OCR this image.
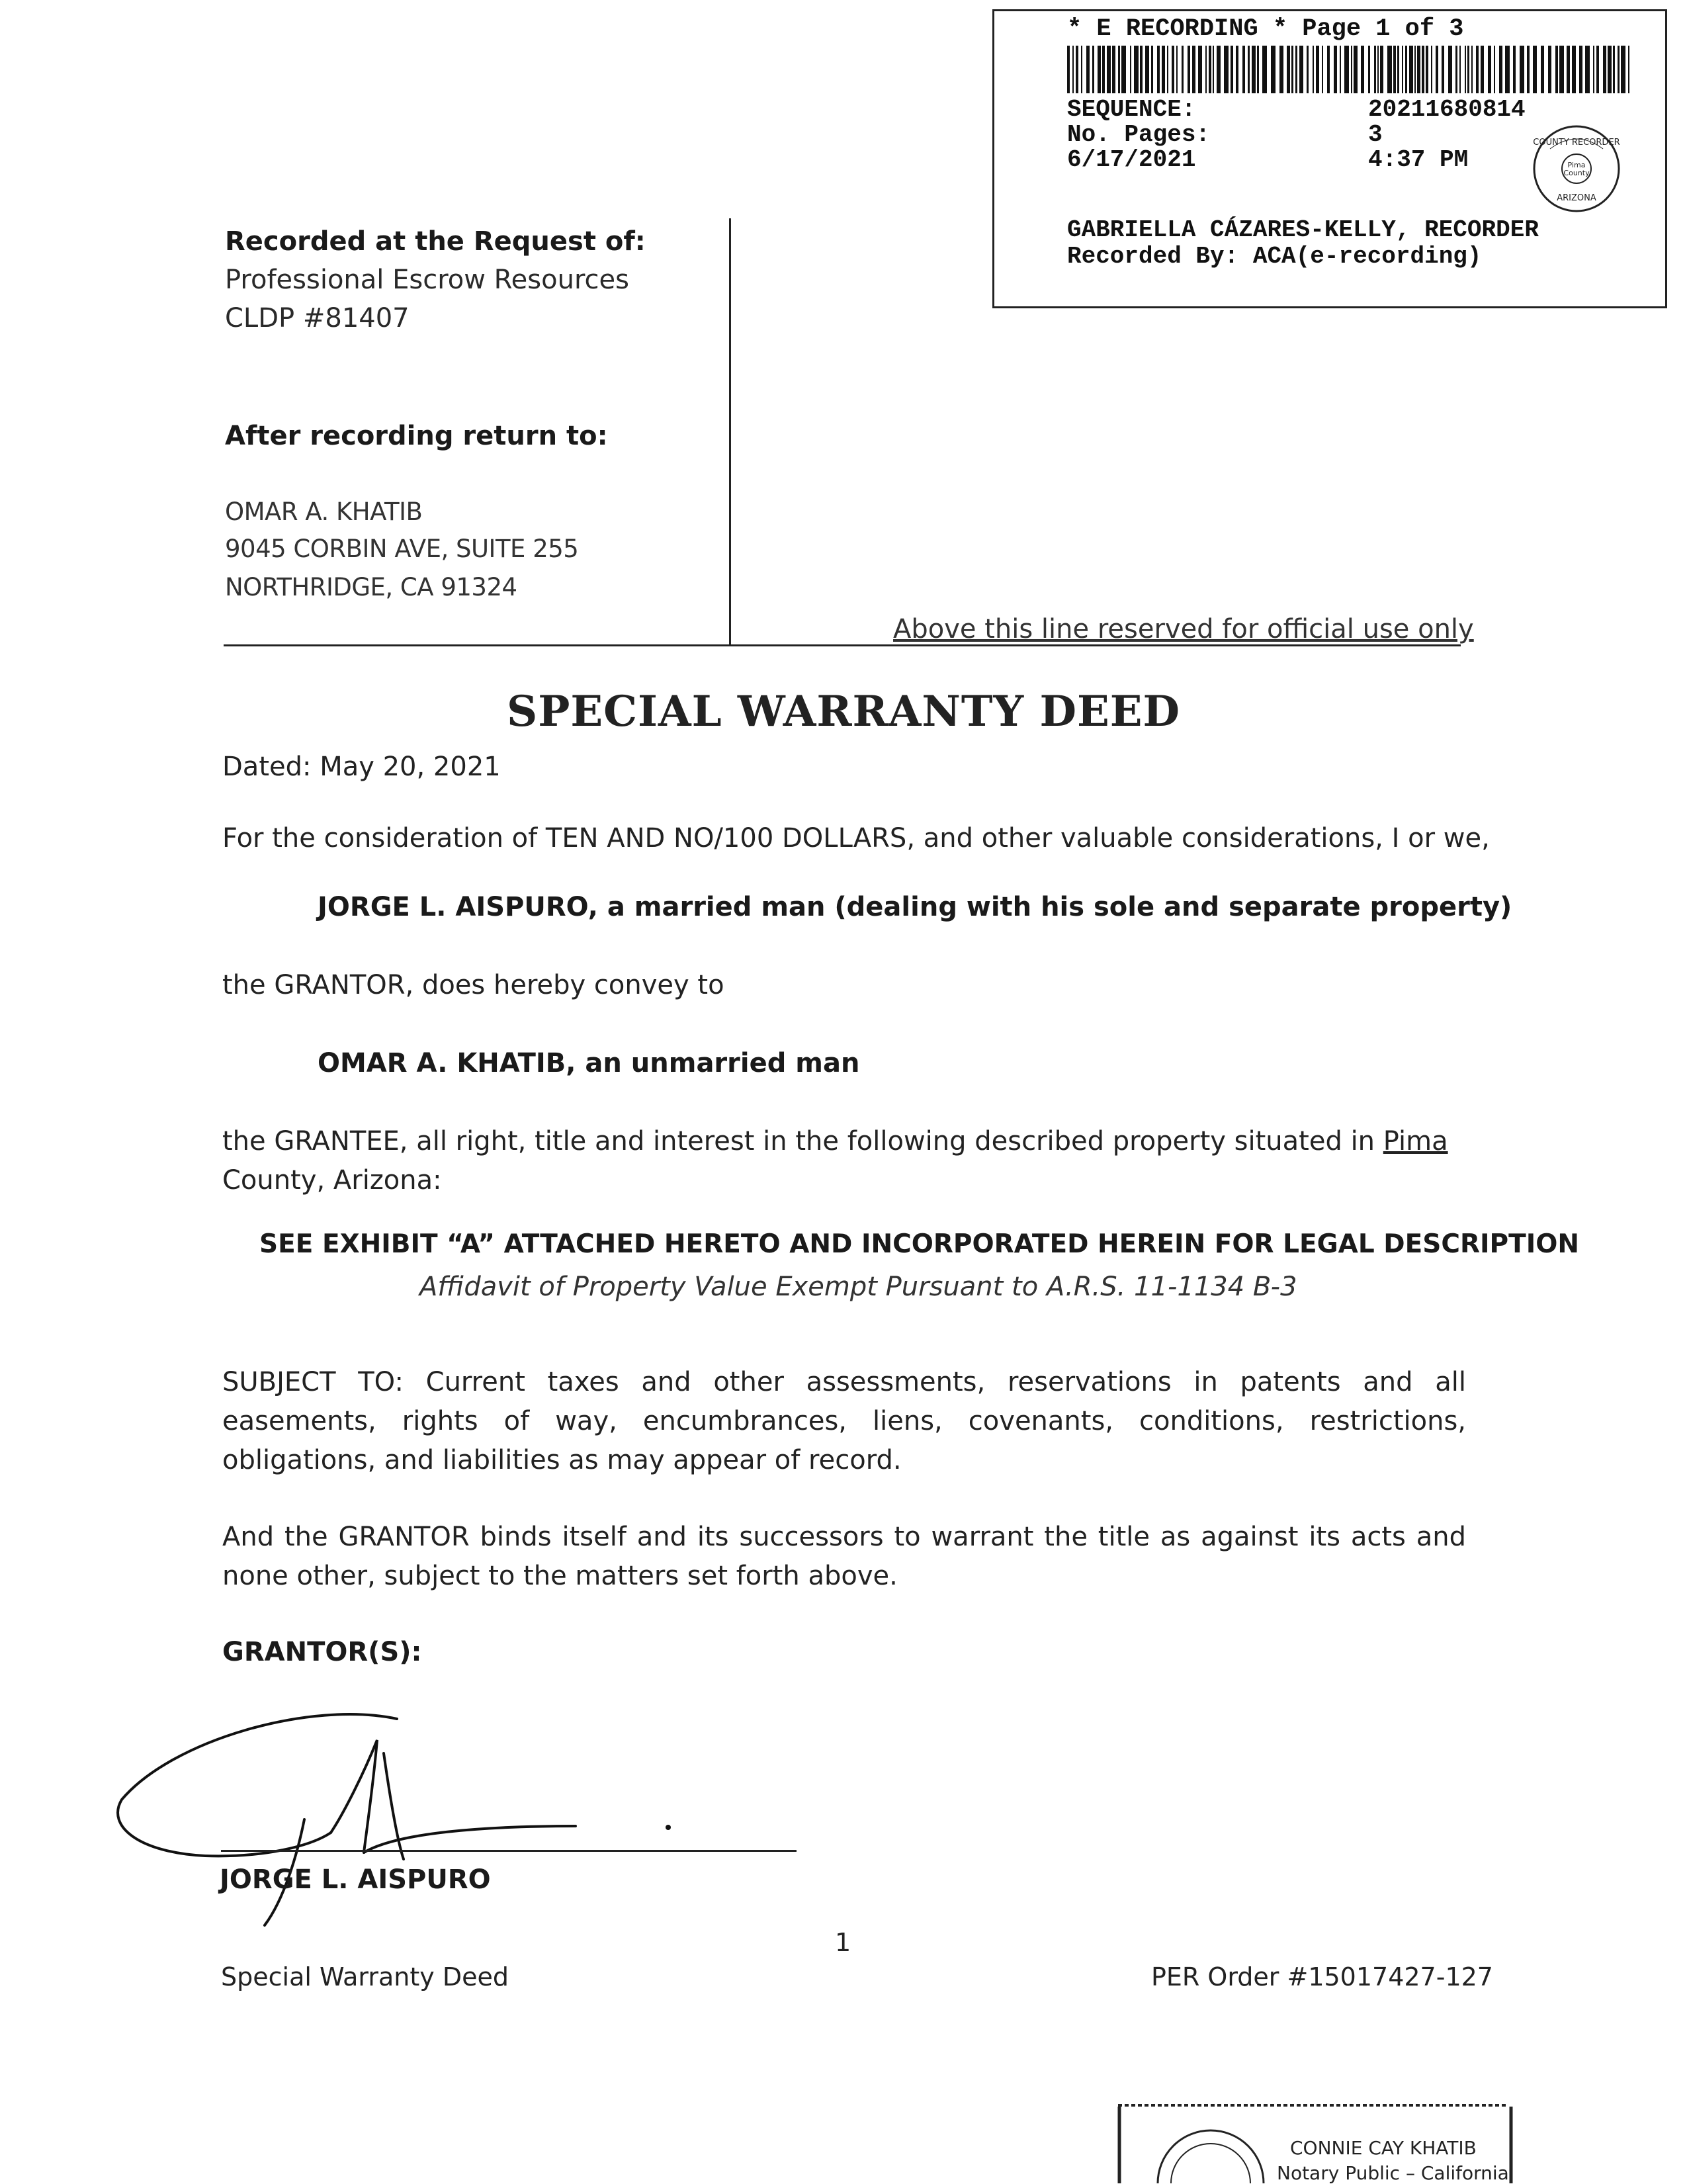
* E RECORDING * Page 1 of 3
SEQUENCE:	20211680814
No. Pages:	3
6/17/2021	4:37 PM
COUNTY RECORDER
Pima
County
ARIZONA
GABRIELLA CÁZARES-KELLY, RECORDER
Recorded By: ACA(e-recording)
Recorded at the Request of:
Professional Escrow Resources
CLDP #81407
After recording return to:
OMAR A. KHATIB
9045 CORBIN AVE, SUITE 255
NORTHRIDGE, CA 91324
Above this line reserved for official use only
SPECIAL WARRANTY DEED
Dated: May 20, 2021
For the consideration of TEN AND NO/100 DOLLARS, and other valuable considerations, I or we,
JORGE L. AISPURO, a married man (dealing with his sole and separate property)
the GRANTOR, does hereby convey to
OMAR A. KHATIB, an unmarried man
the GRANTEE, all right, title and interest in the following described property situated in Pima
County, Arizona:
SEE EXHIBIT “A” ATTACHED HERETO AND INCORPORATED HEREIN FOR LEGAL DESCRIPTION
Affidavit of Property Value Exempt Pursuant to A.R.S. 11-1134 B-3
SUBJECT TO: Current taxes and other assessments, reservations in patents and all easements, rights of way, encumbrances, liens, covenants, conditions, restrictions, obligations, and liabilities as may appear of record.
And the GRANTOR binds itself and its successors to warrant the title as against its acts and none other, subject to the matters set forth above.
GRANTOR(S):
JORGE L. AISPURO
1
Special Warranty Deed	PER Order #15017427-127
CONNIE CAY KHATIB
Notary Public – California
